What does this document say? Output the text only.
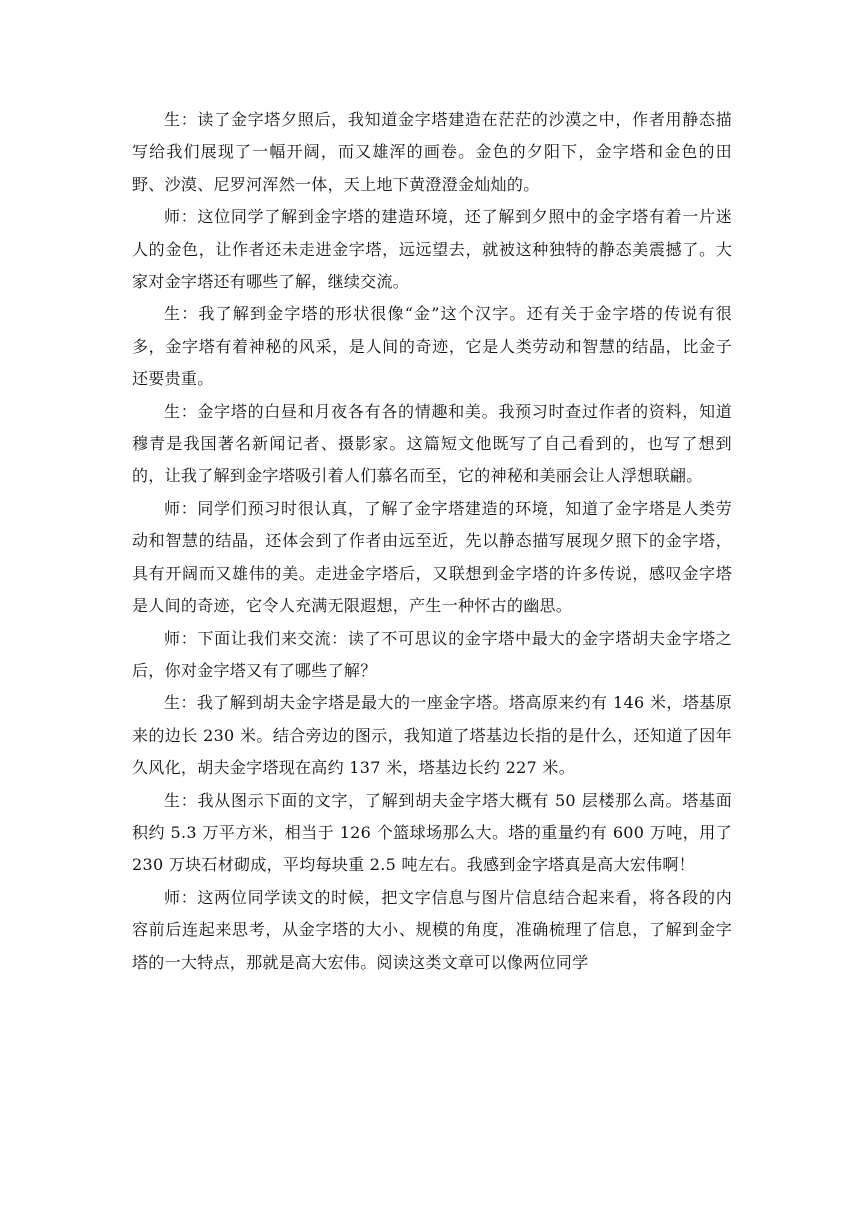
生：读了金字塔夕照后，我知道金字塔建造在茫茫的沙漠之中，作者用静态描写给我们展现了一幅开阔，而又雄浑的画卷。金色的夕阳下，金字塔和金色的田野、沙漠、尼罗河浑然一体，天上地下黄澄澄金灿灿的。

师：这位同学了解到金字塔的建造环境，还了解到夕照中的金字塔有着一片迷人的金色，让作者还未走进金字塔，远远望去，就被这种独特的静态美震撼了。大家对金字塔还有哪些了解，继续交流。

生：我了解到金字塔的形状很像“金”这个汉字。还有关于金字塔的传说有很多，金字塔有着神秘的风采，是人间的奇迹，它是人类劳动和智慧的结晶，比金子还要贵重。

生：金字塔的白昼和月夜各有各的情趣和美。我预习时查过作者的资料，知道穆青是我国著名新闻记者、摄影家。这篇短文他既写了自己看到的，也写了想到的，让我了解到金字塔吸引着人们慕名而至，它的神秘和美丽会让人浮想联翩。

师：同学们预习时很认真，了解了金字塔建造的环境，知道了金字塔是人类劳动和智慧的结晶，还体会到了作者由远至近，先以静态描写展现夕照下的金字塔，具有开阔而又雄伟的美。走进金字塔后，又联想到金字塔的许多传说，感叹金字塔是人间的奇迹，它令人充满无限遐想，产生一种怀古的幽思。

师：下面让我们来交流：读了不可思议的金字塔中最大的金字塔胡夫金字塔之后，你对金字塔又有了哪些了解？

生：我了解到胡夫金字塔是最大的一座金字塔。塔高原来约有 146 米，塔基原来的边长 230 米。结合旁边的图示，我知道了塔基边长指的是什么，还知道了因年久风化，胡夫金字塔现在高约 137 米，塔基边长约 227 米。

生：我从图示下面的文字，了解到胡夫金字塔大概有 50 层楼那么高。塔基面积约 5.3 万平方米，相当于 126 个篮球场那么大。塔的重量约有 600 万吨，用了 230 万块石材砌成，平均每块重 2.5 吨左右。我感到金字塔真是高大宏伟啊！

师：这两位同学读文的时候，把文字信息与图片信息结合起来看，将各段的内容前后连起来思考，从金字塔的大小、规模的角度，准确梳理了信息，了解到金字塔的一大特点，那就是高大宏伟。阅读这类文章可以像两位同学
